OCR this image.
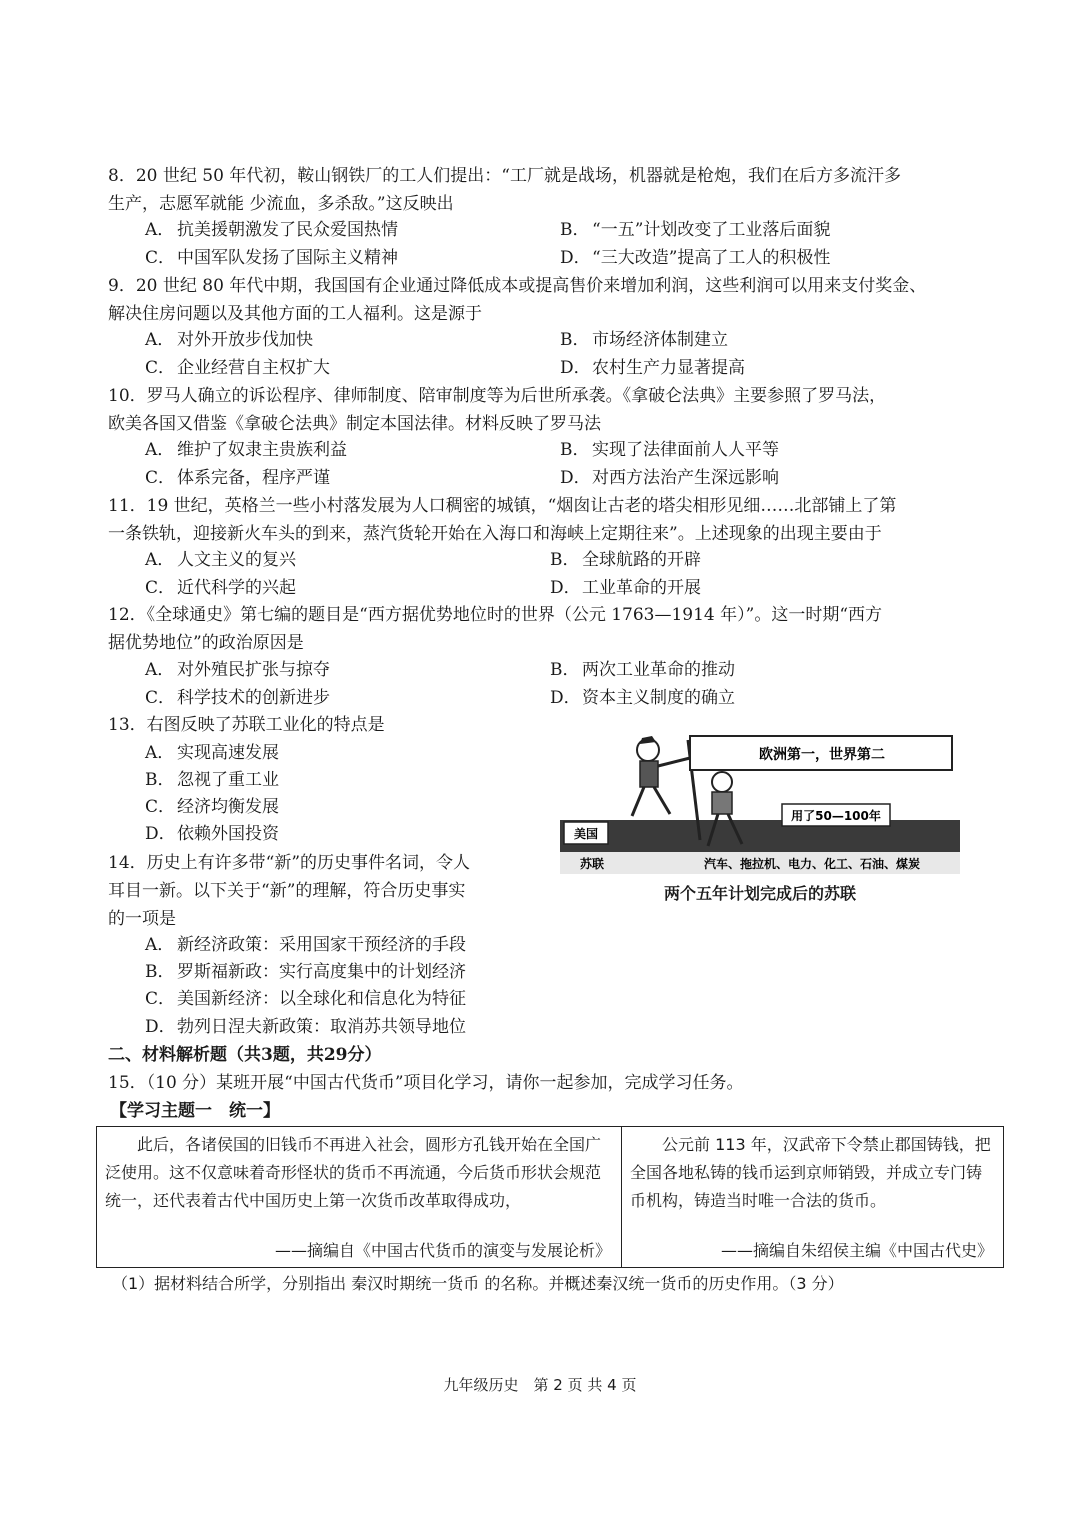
8．20 世纪 50 年代初，鞍山钢铁厂的工人们提出：“工厂就是战场，机器就是枪炮，我们在后方多流汗多
生产，志愿军就能 少流血，多杀敌。”这反映出
A． 抗美援朝激发了民众爱国热情	B． “一五”计划改变了工业落后面貌
C． 中国军队发扬了国际主义精神	D．“三大改造”提高了工人的积极性
9．20 世纪 80 年代中期，我国国有企业通过降低成本或提高售价来增加利润，这些利润可以用来支付奖金、
解决住房问题以及其他方面的工人福利。这是源于
A． 对外开放步伐加快	B． 市场经济体制建立
C． 企业经营自主权扩大	D．农村生产力显著提高
10．罗马人确立的诉讼程序、律师制度、陪审制度等为后世所承袭。《拿破仑法典》主要参照了罗马法，
欧美各国又借鉴《拿破仑法典》制定本国法律。材料反映了罗马法
A． 维护了奴隶主贵族利益	B． 实现了法律面前人人平等
C． 体系完备，程序严谨	D．对西方法治产生深远影响
11．19 世纪，英格兰一些小村落发展为人口稠密的城镇，“烟囱让古老的塔尖相形见细……北部铺上了第
一条铁轨，迎接新火车头的到来，蒸汽货轮开始在入海口和海峡上定期往来”。上述现象的出现主要由于
A． 人文主义的复兴	B． 全球航路的开辟
C． 近代科学的兴起	D．工业革命的开展
12．《全球通史》第七编的题目是“西方据优势地位时的世界（公元 1763—1914 年）”。这一时期“西方
据优势地位”的政治原因是
A． 对外殖民扩张与掠夺	B． 两次工业革命的推动
C． 科学技术的创新进步	D．资本主义制度的确立
13．右图反映了苏联工业化的特点是
A． 实现高速发展
B． 忽视了重工业
C． 经济均衡发展
D．依赖外国投资	美国
欧洲第一，世界第二
用了50—100年
苏联	汽车、拖拉机、电力、化工、石油、煤炭
两个五年计划完成后的苏联
14．历史上有许多带“新”的历史事件名词，令人
耳目一新。以下关于“新”的理解，符合历史事实
的一项是
A． 新经济政策：采用国家干预经济的手段
B． 罗斯福新政：实行高度集中的计划经济
C． 美国新经济：以全球化和信息化为特征
D．勃列日涅夫新政策：取消苏共领导地位
二、材料解析题（共3题，共29分）
15．（10 分）某班开展“中国古代货币”项目化学习，请你一起参加，完成学习任务。
【学习主题一　统一】
此后，各诸侯国的旧钱币不再进入社会，圆形方孔钱开始在全国广泛使用。这不仅意味着奇形怪状的货币不再流通，今后货币形状会规范统一，还代表着古代中国历史上第一次货币改革取得成功，
——摘编自《中国古代货币的演变与发展论析》
公元前 113 年，汉武帝下令禁止郡国铸钱，把全国各地私铸的钱币运到京师销毁，并成立专门铸币机构，铸造当时唯一合法的货币。
——摘编自朱绍侯主编《中国古代史》
（1）据材料结合所学，分别指出 秦汉时期统一货币 的名称。并概述秦汉统一货币的历史作用。（3 分）
九年级历史　第 2 页 共 4 页
